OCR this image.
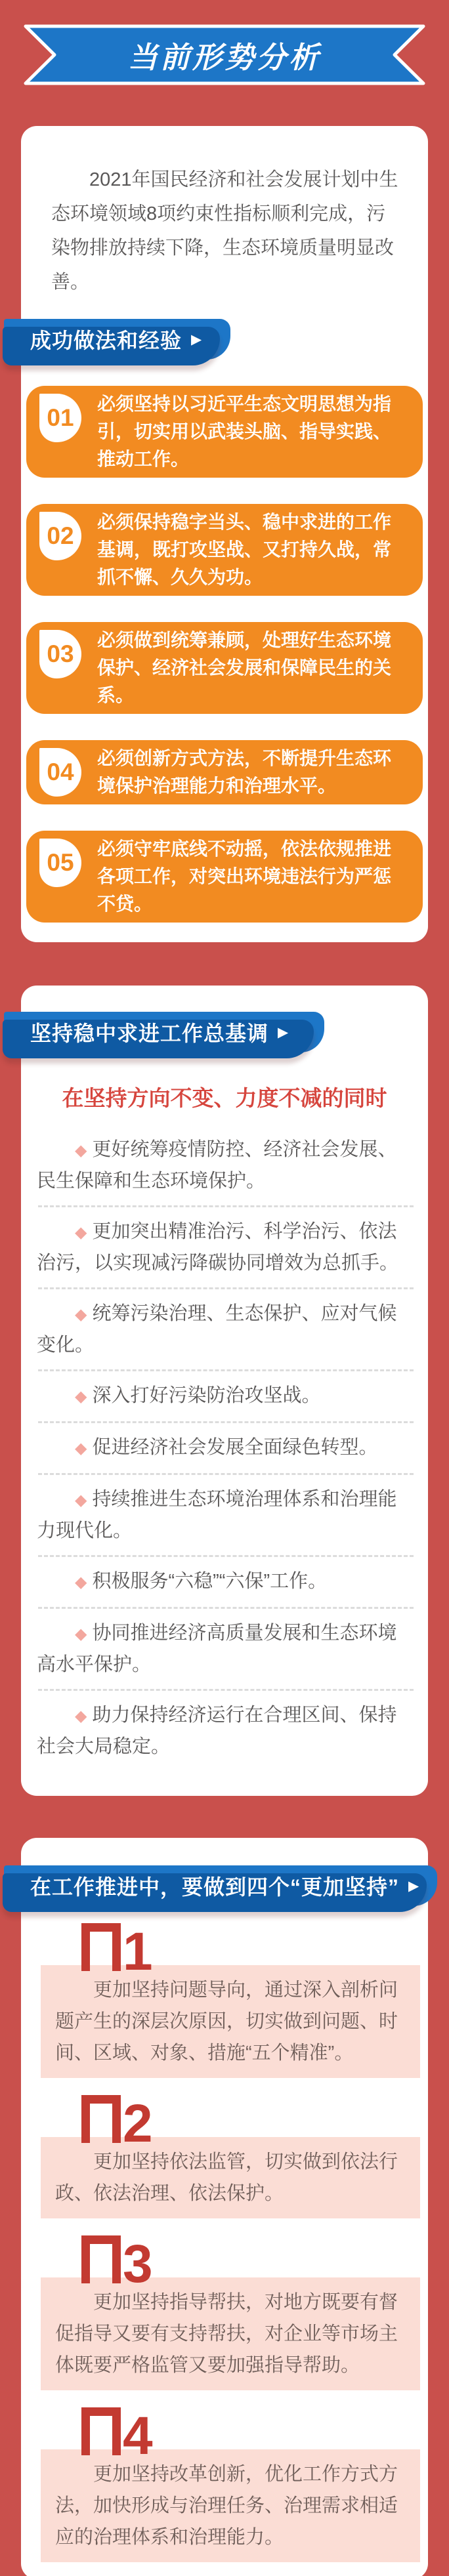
当前形势分析

2021年国民经济和社会发展计划中生态环境领域8项约束性指标顺利完成，污染物排放持续下降，生态环境质量明显改善。

成功做法和经验 ▶
01

必须坚持以习近平生态文明思想为指引，切实用以武装头脑、指导实践、推动工作。

02

必须保持稳字当头、稳中求进的工作基调，既打攻坚战、又打持久战，常抓不懈、久久为功。

03

必须做到统筹兼顾，处理好生态环境保护、经济社会发展和保障民生的关系。

04

必须创新方式方法，不断提升生态环境保护治理能力和治理水平。

05

必须守牢底线不动摇，依法依规推进各项工作，对突出环境违法行为严惩不贷。

坚持稳中求进工作总基调 ▶
在坚持方向不变、力度不减的同时

◆ 更好统筹疫情防控、经济社会发展、民生保障和生态环境保护。

◆ 更加突出精准治污、科学治污、依法治污，以实现减污降碳协同增效为总抓手。

◆ 统筹污染治理、生态保护、应对气候变化。

◆ 深入打好污染防治攻坚战。

◆ 促进经济社会发展全面绿色转型。

◆ 持续推进生态环境治理体系和治理能力现代化。

◆ 积极服务“六稳”“六保”工作。

◆ 协同推进经济高质量发展和生态环境高水平保护。

◆ 助力保持经济运行在合理区间、保持社会大局稳定。

在工作推进中，要做到四个“更加坚持” ▶
1

更加坚持问题导向，通过深入剖析问题产生的深层次原因，切实做到问题、时间、区域、对象、措施“五个精准”。

2

更加坚持依法监管，切实做到依法行政、依法治理、依法保护。

3

更加坚持指导帮扶，对地方既要有督促指导又要有支持帮扶，对企业等市场主体既要严格监管又要加强指导帮助。

4

更加坚持改革创新，优化工作方式方法，加快形成与治理任务、治理需求相适应的治理体系和治理能力。
